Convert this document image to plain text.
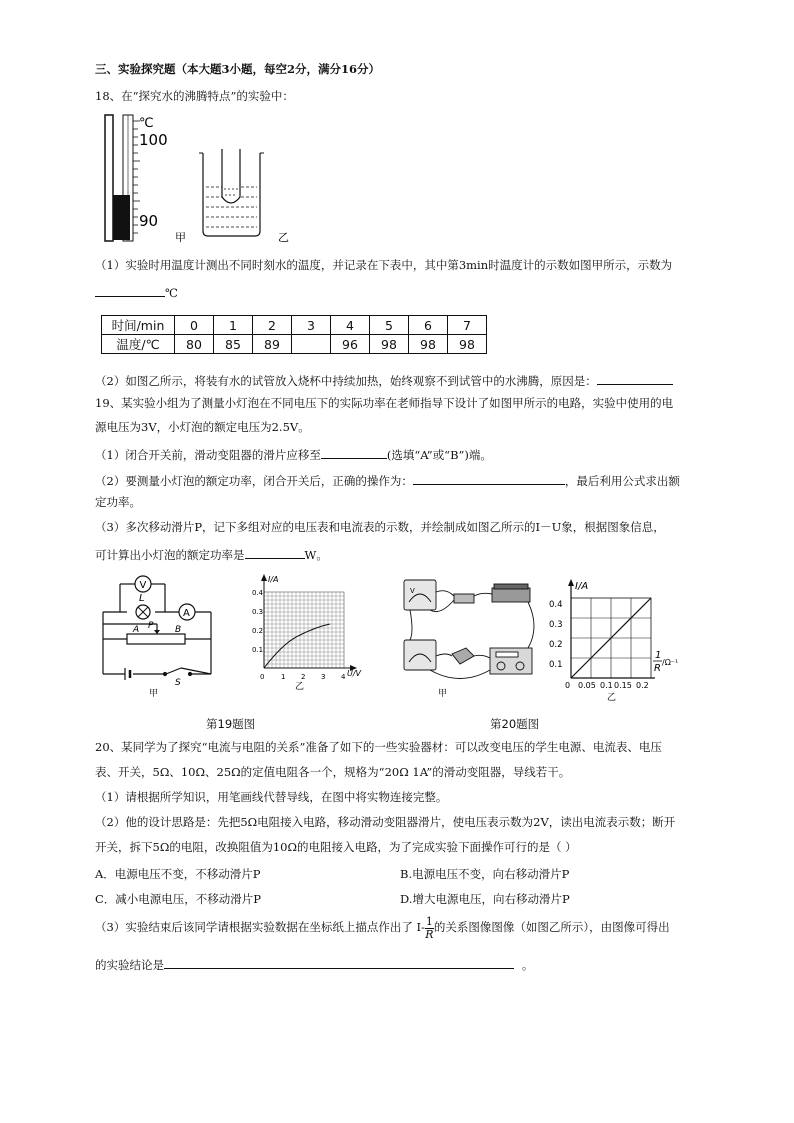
三、实验探究题（本大题3小题，每空2分，满分16分）
18、在“探究水的沸腾特点”的实验中：
℃
100
90
甲	乙
（1）实验时用温度计测出不同时刻水的温度，并记录在下表中，其中第3min时温度计的示数如图甲所示，示数为
℃
时间/min	0	1	2	3	4	5	6	7
温度/℃	80	85	89		96	98	98	98
（2）如图乙所示，将装有水的试管放入烧杯中持续加热，始终观察不到试管中的水沸腾，原因是：
19、某实验小组为了测量小灯泡在不同电压下的实际功率在老师指导下设计了如图甲所示的电路，实验中使用的电
源电压为3V，小灯泡的额定电压为2.5V。
（1）闭合开关前，滑动变阻器的滑片应移至	(选填“A”或“B”)端。
（2）要测量小灯泡的额定功率，闭合开关后，正确的操作为：	，最后利用公式求出额
定功率。
（3）多次移动滑片P，记下多组对应的电压表和电流表的示数，并绘制成如图乙所示的I－U象，根据图象信息，
可计算出小灯泡的额定功率是	W。
V
L
A
A	B
P
S
甲
I/A
0.4
0.3
0.2
0.1
0 1 2 3 4 U/V
乙
V
甲
I/A
0.4
0.3
0.2
0.1
0 0.05 0.1 0.15 0.2
1
R
/Ω⁻¹
乙
第19题图	第20题图
20、某同学为了探究“电流与电阻的关系”准备了如下的一些实验器材：可以改变电压的学生电源、电流表、电压
表、开关，5Ω、10Ω、25Ω的定值电阻各一个，规格为“20Ω 1A”的滑动变阻器，导线若干。
（1）请根据所学知识，用笔画线代替导线，在图中将实物连接完整。
（2）他的设计思路是：先把5Ω电阻接入电路，移动滑动变阻器滑片，使电压表示数为2V，读出电流表示数；断开
开关，拆下5Ω的电阻，改换阻值为10Ω的电阻接入电路，为了完成实验下面操作可行的是（ ）
A．电源电压不变，不移动滑片P	B.电源电压不变，向右移动滑片P
C．减小电源电压，不移动滑片P	D.增大电源电压，向右移动滑片P
（3）实验结束后该同学请根据实验数据在坐标纸上描点作出了 $I- \frac{1}{R}$ 的关系图像图像（如图乙所示），由图像可得出
的实验结论是	。
